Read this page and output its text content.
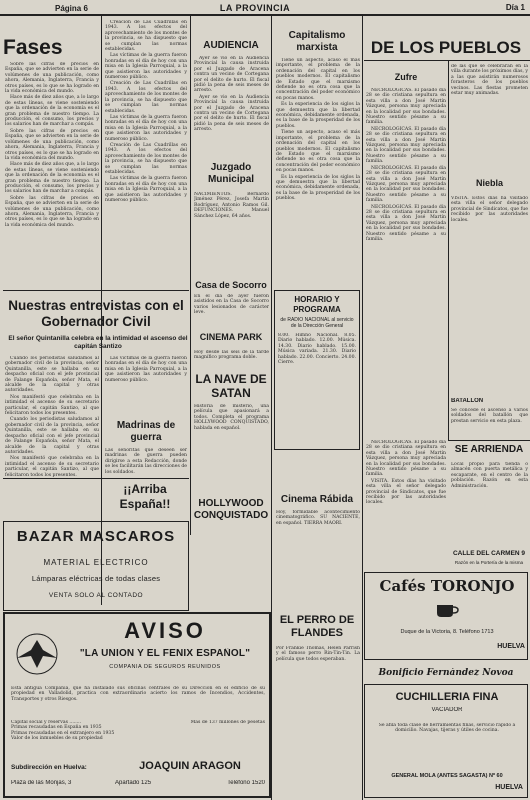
Página 6	LA PROVINCIA	Día 1
Fases

Sobre las cifras de precios en España, que se advierten en la serie de volúmenes de una publicación, como ahora, Alemania, Inglaterra, Francia y otros países, es lo que se ha logrado en la vida económica del mundo.

Hace más de diez años que, a lo largo de estas líneas, se viene sosteniendo que la ordenación de la economía es el gran problema de nuestro tiempo. La producción, el consumo, los precios y los salarios han de marchar a compás.

Sobre las cifras de precios en España, que se advierten en la serie de volúmenes de una publicación, como ahora, Alemania, Inglaterra, Francia y otros países, es lo que se ha logrado en la vida económica del mundo.

Hace más de diez años que, a lo largo de estas líneas, se viene sosteniendo que la ordenación de la economía es el gran problema de nuestro tiempo. La producción, el consumo, los precios y los salarios han de marchar a compás.

Sobre las cifras de precios en España, que se advierten en la serie de volúmenes de una publicación, como ahora, Alemania, Inglaterra, Francia y otros países, es lo que se ha logrado en la vida económica del mundo.

Nuestras entrevistas con el Gobernador Civil
El señor Quintanilla celebra en la intimidad el ascenso del capitán Santizo

Cuando los periodistas saludamos al gobernador civil de la provincia, señor Quintanilla, este se hallaba en su despacho oficial con el jefe provincial de Falange Española, señor Mata, el alcalde de la capital y otras autoridades.

Nos manifestó que celebraba en la intimidad el ascenso de su secretario particular, el capitán Santizo, al que felicitaron todos los presentes.

Cuando los periodistas saludamos al gobernador civil de la provincia, señor Quintanilla, este se hallaba en su despacho oficial con el jefe provincial de Falange Española, señor Mata, el alcalde de la capital y otras autoridades.

Nos manifestó que celebraba en la intimidad el ascenso de su secretario particular, el capitán Santizo, al que felicitaron todos los presentes.

Creación de Las Cuadrillas en 1943. A los efectos del aprovechamiento de los montes de la provincia, se ha dispuesto que se cumplan las normas establecidas.

Las víctimas de la guerra fueron honradas en el día de hoy con una misa en la Iglesia Parroquial, a la que asistieron las autoridades y numeroso público.

Creación de Las Cuadrillas en 1943. A los efectos del aprovechamiento de los montes de la provincia, se ha dispuesto que se cumplan las normas establecidas.

Las víctimas de la guerra fueron honradas en el día de hoy con una misa en la Iglesia Parroquial, a la que asistieron las autoridades y numeroso público.

Creación de Las Cuadrillas en 1943. A los efectos del aprovechamiento de los montes de la provincia, se ha dispuesto que se cumplan las normas establecidas.

Las víctimas de la guerra fueron honradas en el día de hoy con una misa en la Iglesia Parroquial, a la que asistieron las autoridades y numeroso público.

Las víctimas de la guerra fueron honradas en el día de hoy con una misa en la Iglesia Parroquial, a la que asistieron las autoridades y numeroso público.

Madrinas de guerra
Las señoritas que deseen ser madrinas de guerra pueden dirigirse a esta Redacción, donde se les facilitarán las direcciones de los soldados.
¡¡Arriba España!!
BAZAR MASCAROS
MATERIAL ELECTRICO
Lámparas eléctricas de todas clases
VENTA SOLO AL CONTADO
AVISO
"LA UNION Y EL FENIX ESPAÑOL"
COMPAÑIA DE SEGUROS REUNIDOS
Esta antigua Compañía, que ha instalado sus oficinas centrales de su Dirección en el edificio de su propiedad en Valladolid, practica con extraordinario acierto los ramos de Incendios, Accidentes, Transportes y otros Riesgos.
Capital social y reservas ........
Primas recaudadas en España en 1935
Primas recaudadas en el extranjero en 1935
Valor de los inmuebles de su propiedad
Más de 137 millones de pesetas
Subdirección en Huelva:	JOAQUIN ARAGON
Plaza de las Monjas, 3	Apartado 125	Teléfono 1520
AUDIENCIA

Ayer se vio en la Audiencia Provincial la causa instruida por el Juzgado de Aracena contra un vecino de Cortegana por el delito de hurto. El fiscal pidió la pena de seis meses de arresto.

Ayer se vio en la Audiencia Provincial la causa instruida por el Juzgado de Aracena contra un vecino de Cortegana por el delito de hurto. El fiscal pidió la pena de seis meses de arresto.

Juzgado Municipal
NACIMIENTOS. Bernardo Jiménez Pérez, Josefa Martín Rodríguez, Antonio Ramos Gil. DEFUNCIONES. Manuel Sánchez López, 64 años.
Casa de Socorro
En el día de ayer fueron asistidos en la Casa de Socorro varios lesionados de carácter leve.
CINEMA PARK
Hoy desde las seis de la tarde magnífico programa doble.
LA NAVE DE SATAN
Historia de misterio, una película que apasionará a todos. Completa el programa HOLLYWOOD CONQUISTADO, hablada en español.
HOLLYWOOD CONQUISTADO
Capitalismo marxista

Tiene un aspecto, acaso el más importante, el problema de la ordenación del capital en los pueblos modernos. El capitalismo de Estado que el marxismo defiende no es otra cosa que la concentración del poder económico en pocas manos.

Es la experiencia de los siglos la que demuestra que la libertad económica, debidamente ordenada, es la base de la prosperidad de los pueblos.

Tiene un aspecto, acaso el más importante, el problema de la ordenación del capital en los pueblos modernos. El capitalismo de Estado que el marxismo defiende no es otra cosa que la concentración del poder económico en pocas manos.

Es la experiencia de los siglos la que demuestra que la libertad económica, debidamente ordenada, es la base de la prosperidad de los pueblos.

HORARIO Y PROGRAMA
de RADIO NACIONAL al servicio de la Dirección General
8.00. Himno Nacional. 8.05. Diario hablado. 12.00. Música. 14.30. Diario hablado. 15.00. Música variada. 21.30. Diario hablado. 22.00. Concierto. 24.00. Cierre.
Cinema Rábida
Hoy, formidable acontecimiento cinematográfico. SU NACIENTE, en español. TIERRA MAORI.
EL PERRO DE FLANDES
Por Frankie Thomas, Helen Parrish y el famoso perro Rin-Tin-Tin. La película que todos esperaban.
DE LOS PUEBLOS
Zufre

NECROLOGICAS. El pasado día 28 se dio cristiana sepultura en esta villa a don José Martín Vázquez, persona muy apreciada en la localidad por sus bondades. Nuestro sentido pésame a su familia.

NECROLOGICAS. El pasado día 28 se dio cristiana sepultura en esta villa a don José Martín Vázquez, persona muy apreciada en la localidad por sus bondades. Nuestro sentido pésame a su familia.

NECROLOGICAS. El pasado día 28 se dio cristiana sepultura en esta villa a don José Martín Vázquez, persona muy apreciada en la localidad por sus bondades. Nuestro sentido pésame a su familia.

NECROLOGICAS. El pasado día 28 se dio cristiana sepultura en esta villa a don José Martín Vázquez, persona muy apreciada en la localidad por sus bondades. Nuestro sentido pésame a su familia.

de las que se celebraran en la villa durante los próximos días, y a las que asistirán numerosos forasteros de los pueblos vecinos. Las fiestas prometen estar muy animadas.
Niebla
VISITA. Estos días ha visitado esta villa el señor delegado provincial de Sindicatos, que fue recibido por las autoridades locales.
BATALLON
Se concede el ascenso a varios soldados del batallón que prestan servicio en esta plaza.
SE ARRIENDA
Local propio para tienda o almacén con puerta metálica y escaparate, en el centro de la población. Razón en esta Administración.
CALLE DEL CARMEN 9
Razón en la Portería de la misma

NECROLOGICAS. El pasado día 28 se dio cristiana sepultura en esta villa a don José Martín Vázquez, persona muy apreciada en la localidad por sus bondades. Nuestro sentido pésame a su familia.

VISITA. Estos días ha visitado esta villa el señor delegado provincial de Sindicatos, que fue recibido por las autoridades locales.

Cafés TORONJO
Duque de la Victoria, 8. Teléfono 1713
HUELVA
Bonificio Fernández Novoa
CUCHILLERIA FINA
VACIADOR
Se afila toda clase de herramientas finas, servicio rápido a domicilio. Navajas, tijeras y útiles de cocina.
GENERAL MOLA (ANTES SAGASTA) Nº 60
HUELVA
